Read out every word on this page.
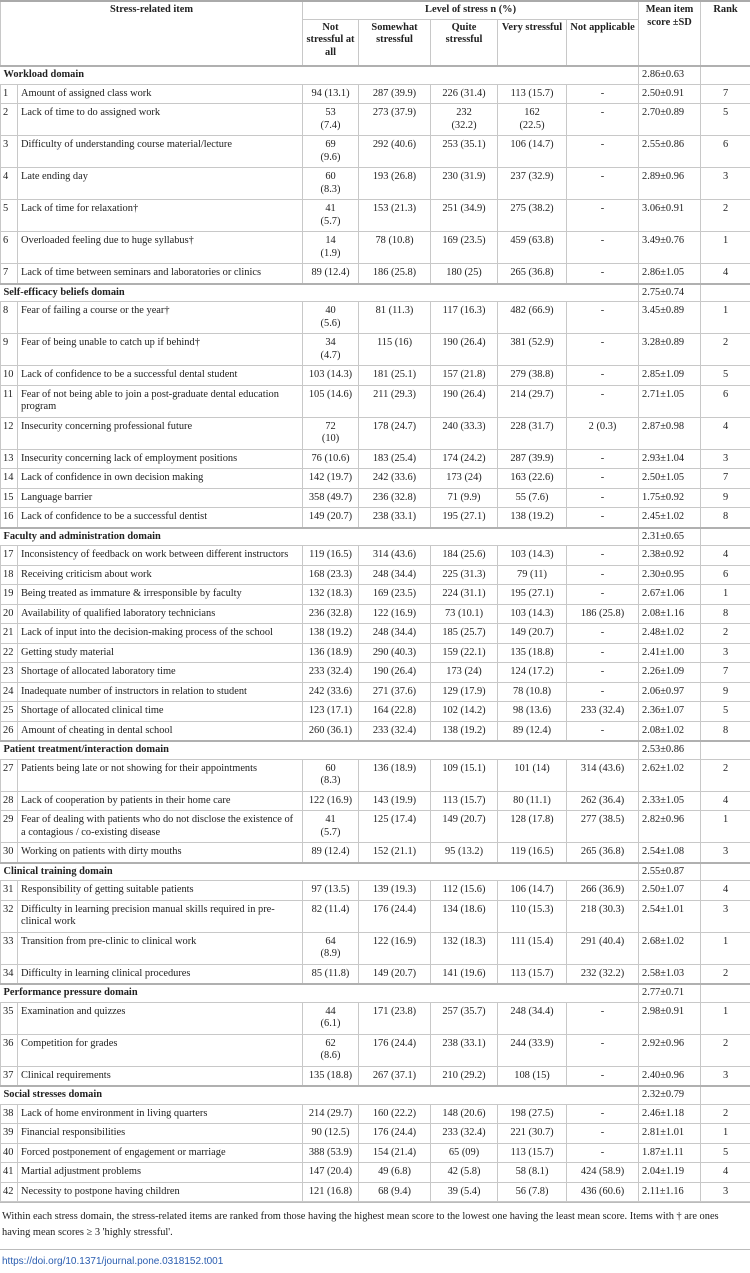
Stress-related item		Level of stress n (%)					Mean item score ±SD	Rank
		Not stressful at all	Somewhat stressful	Quite stressful	Very stressful	Not applicable		
Workload domain							2.86±0.63	
1	Amount of assigned class work	94 (13.1)	287 (39.9)	226 (31.4)	113 (15.7)	-	2.50±0.91	7
2	Lack of time to do assigned work	53
(7.4)	273 (37.9)	232
(32.2)	162
(22.5)	-	2.70±0.89	5
3	Difficulty of understanding course material/lecture	69
(9.6)	292 (40.6)	253 (35.1)	106 (14.7)	-	2.55±0.86	6
4	Late ending day	60
(8.3)	193 (26.8)	230 (31.9)	237 (32.9)	-	2.89±0.96	3
5	Lack of time for relaxation†	41
(5.7)	153 (21.3)	251 (34.9)	275 (38.2)	-	3.06±0.91	2
6	Overloaded feeling due to huge syllabus†	14
(1.9)	78 (10.8)	169 (23.5)	459 (63.8)	-	3.49±0.76	1
7	Lack of time between seminars and laboratories or clinics	89 (12.4)	186 (25.8)	180 (25)	265 (36.8)	-	2.86±1.05	4
Self-efficacy beliefs domain							2.75±0.74	
8	Fear of failing a course or the year†	40
(5.6)	81 (11.3)	117 (16.3)	482 (66.9)	-	3.45±0.89	1
9	Fear of being unable to catch up if behind†	34
(4.7)	115 (16)	190 (26.4)	381 (52.9)	-	3.28±0.89	2
10	Lack of confidence to be a successful dental student	103 (14.3)	181 (25.1)	157 (21.8)	279 (38.8)	-	2.85±1.09	5
11	Fear of not being able to join a post-graduate dental education program	105 (14.6)	211 (29.3)	190 (26.4)	214 (29.7)	-	2.71±1.05	6
12	Insecurity concerning professional future	72
(10)	178 (24.7)	240 (33.3)	228 (31.7)	2 (0.3)	2.87±0.98	4
13	Insecurity concerning lack of employment positions	76 (10.6)	183 (25.4)	174 (24.2)	287 (39.9)	-	2.93±1.04	3
14	Lack of confidence in own decision making	142 (19.7)	242 (33.6)	173 (24)	163 (22.6)	-	2.50±1.05	7
15	Language barrier	358 (49.7)	236 (32.8)	71 (9.9)	55 (7.6)	-	1.75±0.92	9
16	Lack of confidence to be a successful dentist	149 (20.7)	238 (33.1)	195 (27.1)	138 (19.2)	-	2.45±1.02	8
Faculty and administration domain							2.31±0.65	
17	Inconsistency of feedback on work between different instructors	119 (16.5)	314 (43.6)	184 (25.6)	103 (14.3)	-	2.38±0.92	4
18	Receiving criticism about work	168 (23.3)	248 (34.4)	225 (31.3)	79 (11)	-	2.30±0.95	6
19	Being treated as immature & irresponsible by faculty	132 (18.3)	169 (23.5)	224 (31.1)	195 (27.1)	-	2.67±1.06	1
20	Availability of qualified laboratory technicians	236 (32.8)	122 (16.9)	73 (10.1)	103 (14.3)	186 (25.8)	2.08±1.16	8
21	Lack of input into the decision-making process of the school	138 (19.2)	248 (34.4)	185 (25.7)	149 (20.7)	-	2.48±1.02	2
22	Getting study material	136 (18.9)	290 (40.3)	159 (22.1)	135 (18.8)	-	2.41±1.00	3
23	Shortage of allocated laboratory time	233 (32.4)	190 (26.4)	173 (24)	124 (17.2)	-	2.26±1.09	7
24	Inadequate number of instructors in relation to student	242 (33.6)	271 (37.6)	129 (17.9)	78 (10.8)	-	2.06±0.97	9
25	Shortage of allocated clinical time	123 (17.1)	164 (22.8)	102 (14.2)	98 (13.6)	233 (32.4)	2.36±1.07	5
26	Amount of cheating in dental school	260 (36.1)	233 (32.4)	138 (19.2)	89 (12.4)	-	2.08±1.02	8
Patient treatment/interaction domain							2.53±0.86	
27	Patients being late or not showing for their appointments	60
(8.3)	136 (18.9)	109 (15.1)	101 (14)	314 (43.6)	2.62±1.02	2
28	Lack of cooperation by patients in their home care	122 (16.9)	143 (19.9)	113 (15.7)	80 (11.1)	262 (36.4)	2.33±1.05	4
29	Fear of dealing with patients who do not disclose the existence of a contagious / co-existing disease	41
(5.7)	125 (17.4)	149 (20.7)	128 (17.8)	277 (38.5)	2.82±0.96	1
30	Working on patients with dirty mouths	89 (12.4)	152 (21.1)	95 (13.2)	119 (16.5)	265 (36.8)	2.54±1.08	3
Clinical training domain							2.55±0.87	
31	Responsibility of getting suitable patients	97 (13.5)	139 (19.3)	112 (15.6)	106 (14.7)	266 (36.9)	2.50±1.07	4
32	Difficulty in learning precision manual skills required in pre-clinical work	82 (11.4)	176 (24.4)	134 (18.6)	110 (15.3)	218 (30.3)	2.54±1.01	3
33	Transition from pre-clinic to clinical work	64
(8.9)	122 (16.9)	132 (18.3)	111 (15.4)	291 (40.4)	2.68±1.02	1
34	Difficulty in learning clinical procedures	85 (11.8)	149 (20.7)	141 (19.6)	113 (15.7)	232 (32.2)	2.58±1.03	2
Performance pressure domain							2.77±0.71	
35	Examination and quizzes	44
(6.1)	171 (23.8)	257 (35.7)	248 (34.4)	-	2.98±0.91	1
36	Competition for grades	62
(8.6)	176 (24.4)	238 (33.1)	244 (33.9)	-	2.92±0.96	2
37	Clinical requirements	135 (18.8)	267 (37.1)	210 (29.2)	108 (15)	-	2.40±0.96	3
Social stresses domain							2.32±0.79	
38	Lack of home environment in living quarters	214 (29.7)	160 (22.2)	148 (20.6)	198 (27.5)	-	2.46±1.18	2
39	Financial responsibilities	90 (12.5)	176 (24.4)	233 (32.4)	221 (30.7)	-	2.81±1.01	1
40	Forced postponement of engagement or marriage	388 (53.9)	154 (21.4)	65 (09)	113 (15.7)	-	1.87±1.11	5
41	Martial adjustment problems	147 (20.4)	49 (6.8)	42 (5.8)	58 (8.1)	424 (58.9)	2.04±1.19	4
42	Necessity to postpone having children	121 (16.8)	68 (9.4)	39 (5.4)	56 (7.8)	436 (60.6)	2.11±1.16	3
Within each stress domain, the stress-related items are ranked from those having the highest mean score to the lowest one having the least mean score. Items with † are ones having mean scores ≥ 3 'highly stressful'.
https://doi.org/10.1371/journal.pone.0318152.t001
